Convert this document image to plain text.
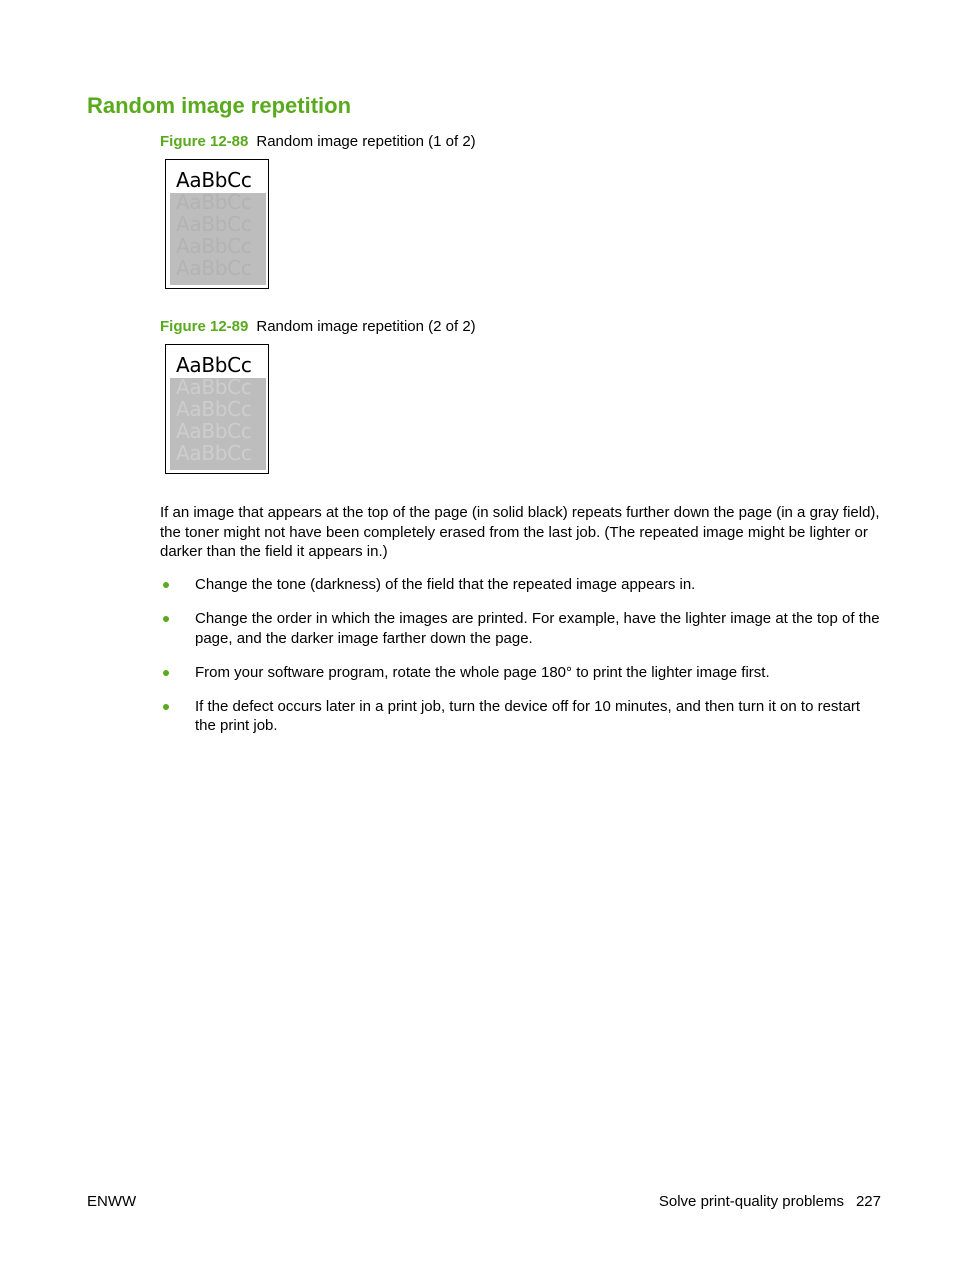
Random image repetition
Figure 12-88 Random image repetition (1 of 2)
AaBbCc
AaBbCc
AaBbCc
AaBbCc
AaBbCc
Figure 12-89 Random image repetition (2 of 2)
AaBbCc
AaBbCc
AaBbCc
AaBbCc
AaBbCc

If an image that appears at the top of the page (in solid black) repeats further down the page (in a gray field), the toner might not have been completely erased from the last job. (The repeated image might be lighter or darker than the field it appears in.)

Change the tone (darkness) of the field that the repeated image appears in.
Change the order in which the images are printed. For example, have the lighter image at the top of the page, and the darker image farther down the page.
From your software program, rotate the whole page 180° to print the lighter image first.
If the defect occurs later in a print job, turn the device off for 10 minutes, and then turn it on to restart the print job.
ENWW	Solve print-quality problems 227
